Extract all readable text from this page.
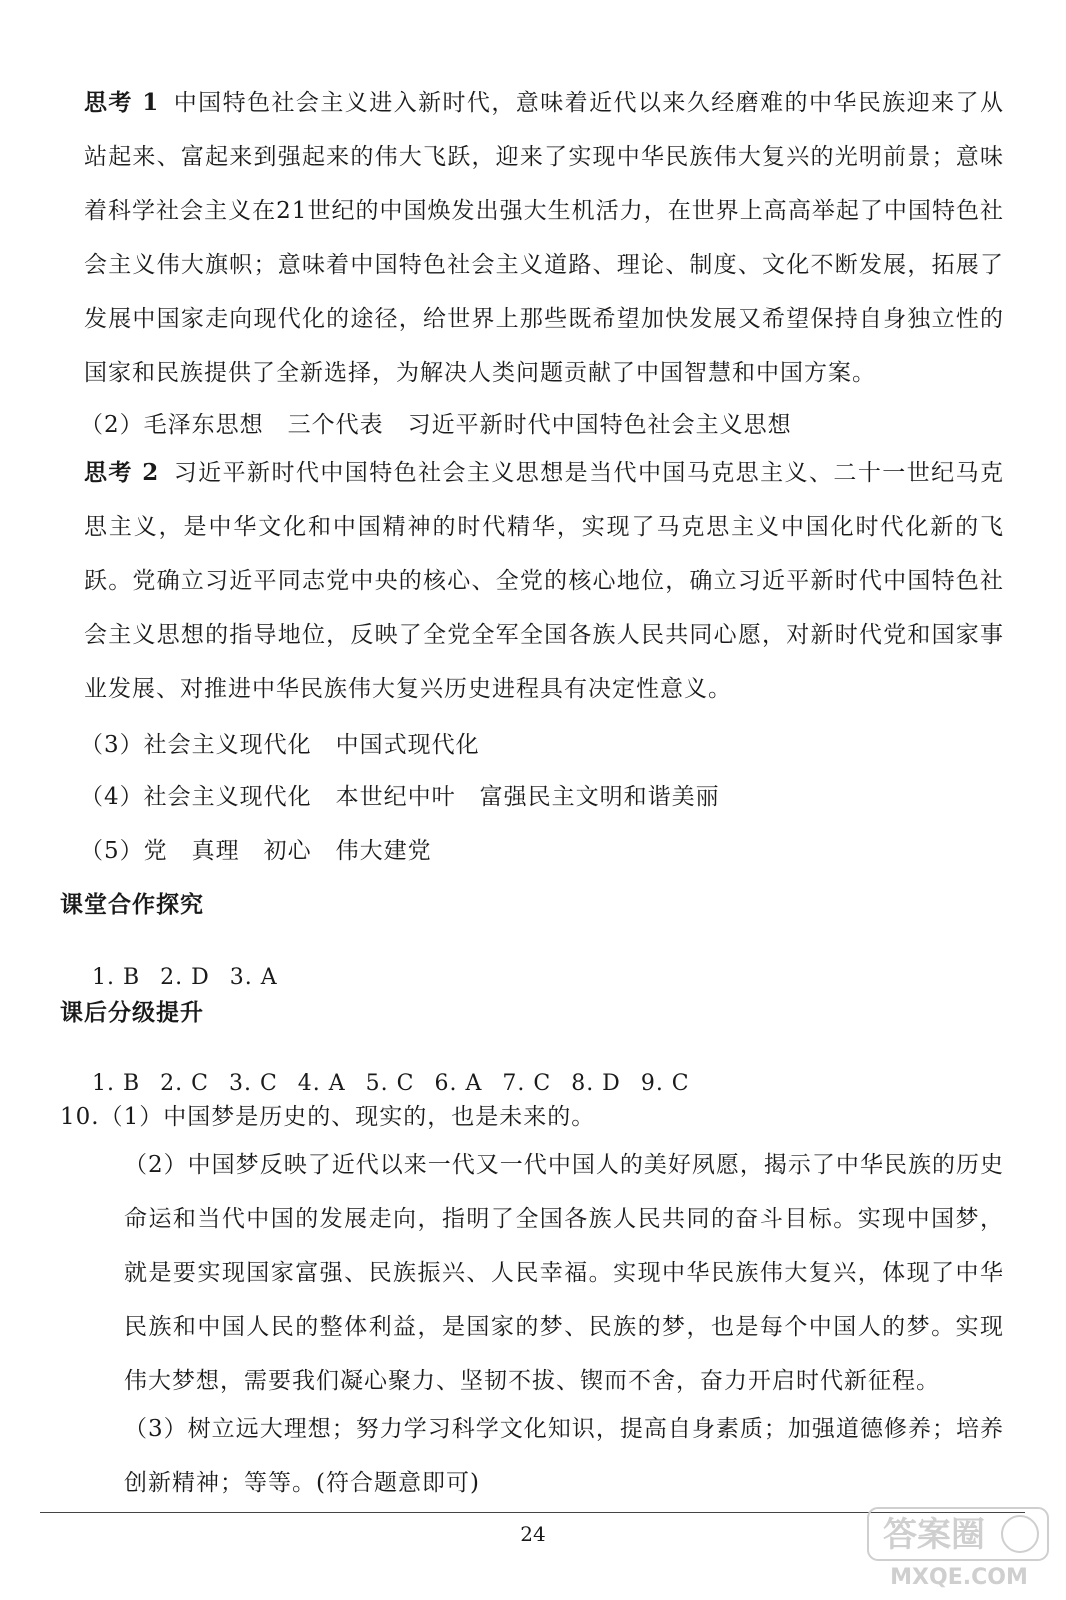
思考 1 中国特色社会主义进入新时代，意味着近代以来久经磨难的中华民族迎来了从站起来、富起来到强起来的伟大飞跃，迎来了实现中华民族伟大复兴的光明前景；意味着科学社会主义在21世纪的中国焕发出强大生机活力，在世界上高高举起了中国特色社会主义伟大旗帜；意味着中国特色社会主义道路、理论、制度、文化不断发展，拓展了发展中国家走向现代化的途径，给世界上那些既希望加快发展又希望保持自身独立性的国家和民族提供了全新选择，为解决人类问题贡献了中国智慧和中国方案。
（2）毛泽东思想　三个代表　习近平新时代中国特色社会主义思想
思考 2 习近平新时代中国特色社会主义思想是当代中国马克思主义、二十一世纪马克思主义，是中华文化和中国精神的时代精华，实现了马克思主义中国化时代化新的飞跃。党确立习近平同志党中央的核心、全党的核心地位，确立习近平新时代中国特色社会主义思想的指导地位，反映了全党全军全国各族人民共同心愿，对新时代党和国家事业发展、对推进中华民族伟大复兴历史进程具有决定性意义。
（3）社会主义现代化　中国式现代化
（4）社会主义现代化　本世纪中叶　富强民主文明和谐美丽
（5）党　真理　初心　伟大建党
课堂合作探究

1. B 2. D 3. A

课后分级提升

1. B 2. C 3. C 4. A 5. C 6. A 7. C 8. D 9. C

10.（1）中国梦是历史的、现实的，也是未来的。
（2）中国梦反映了近代以来一代又一代中国人的美好夙愿，揭示了中华民族的历史命运和当代中国的发展走向，指明了全国各族人民共同的奋斗目标。实现中国梦，就是要实现国家富强、民族振兴、人民幸福。实现中华民族伟大复兴，体现了中华民族和中国人民的整体利益，是国家的梦、民族的梦，也是每个中国人的梦。实现伟大梦想，需要我们凝心聚力、坚韧不拔、锲而不舍，奋力开启时代新征程。
（3）树立远大理想；努力学习科学文化知识，提高自身素质；加强道德修养；培养创新精神；等等。(符合题意即可)
24	答案圈
MXQE.COM
